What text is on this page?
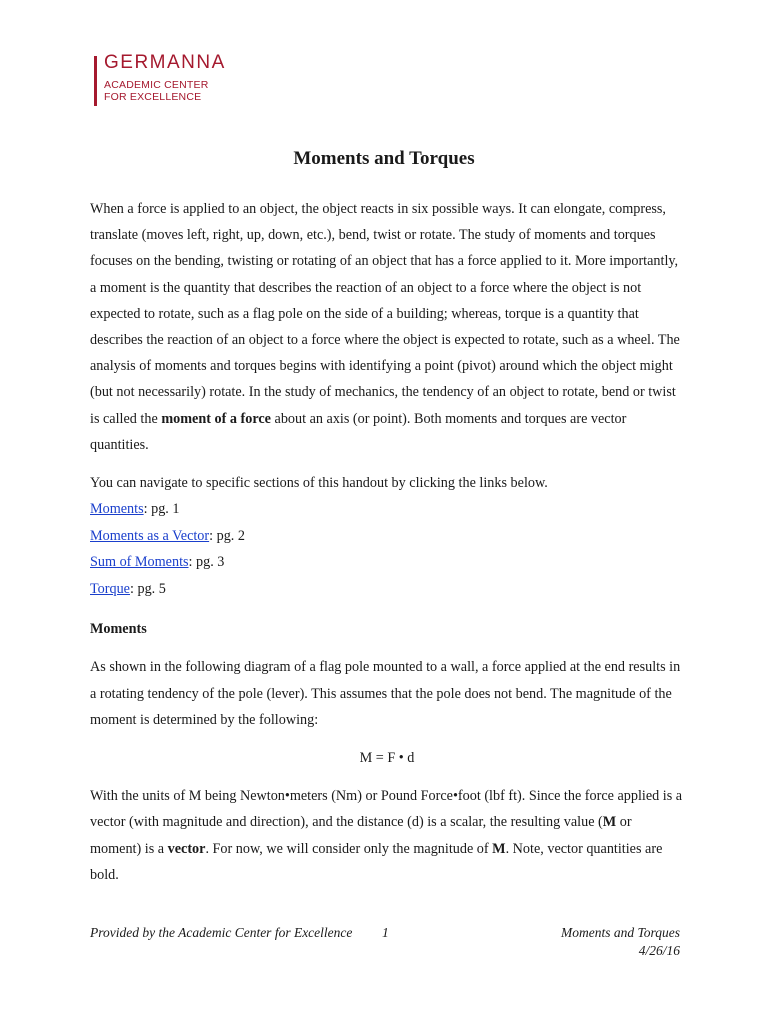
GERMANNA
ACADEMIC CENTER
FOR EXCELLENCE
Moments and Torques

When a force is applied to an object, the object reacts in six possible ways. It can elongate, compress, translate (moves left, right, up, down, etc.), bend, twist or rotate. The study of moments and torques focuses on the bending, twisting or rotating of an object that has a force applied to it. More importantly, a moment is the quantity that describes the reaction of an object to a force where the object is not expected to rotate, such as a flag pole on the side of a building; whereas, torque is a quantity that describes the reaction of an object to a force where the object is expected to rotate, such as a wheel. The analysis of moments and torques begins with identifying a point (pivot) around which the object might (but not necessarily) rotate. In the study of mechanics, the tendency of an object to rotate, bend or twist is called the moment of a force about an axis (or point). Both moments and torques are vector quantities.

You can navigate to specific sections of this handout by clicking the links below.

Moments: pg. 1
Moments as a Vector: pg. 2
Sum of Moments: pg. 3
Torque: pg. 5

Moments

As shown in the following diagram of a flag pole mounted to a wall, a force applied at the end results in a rotating tendency of the pole (lever). This assumes that the pole does not bend. The magnitude of the moment is determined by the following:

M = F • d

With the units of M being Newton•meters (Nm) or Pound Force•foot (lbf ft). Since the force applied is a vector (with magnitude and direction), and the distance (d) is a scalar, the resulting value (M or moment) is a vector. For now, we will consider only the magnitude of M. Note, vector quantities are bold.

Provided by the Academic Center for Excellence 1	Moments and Torques
4/26/16
